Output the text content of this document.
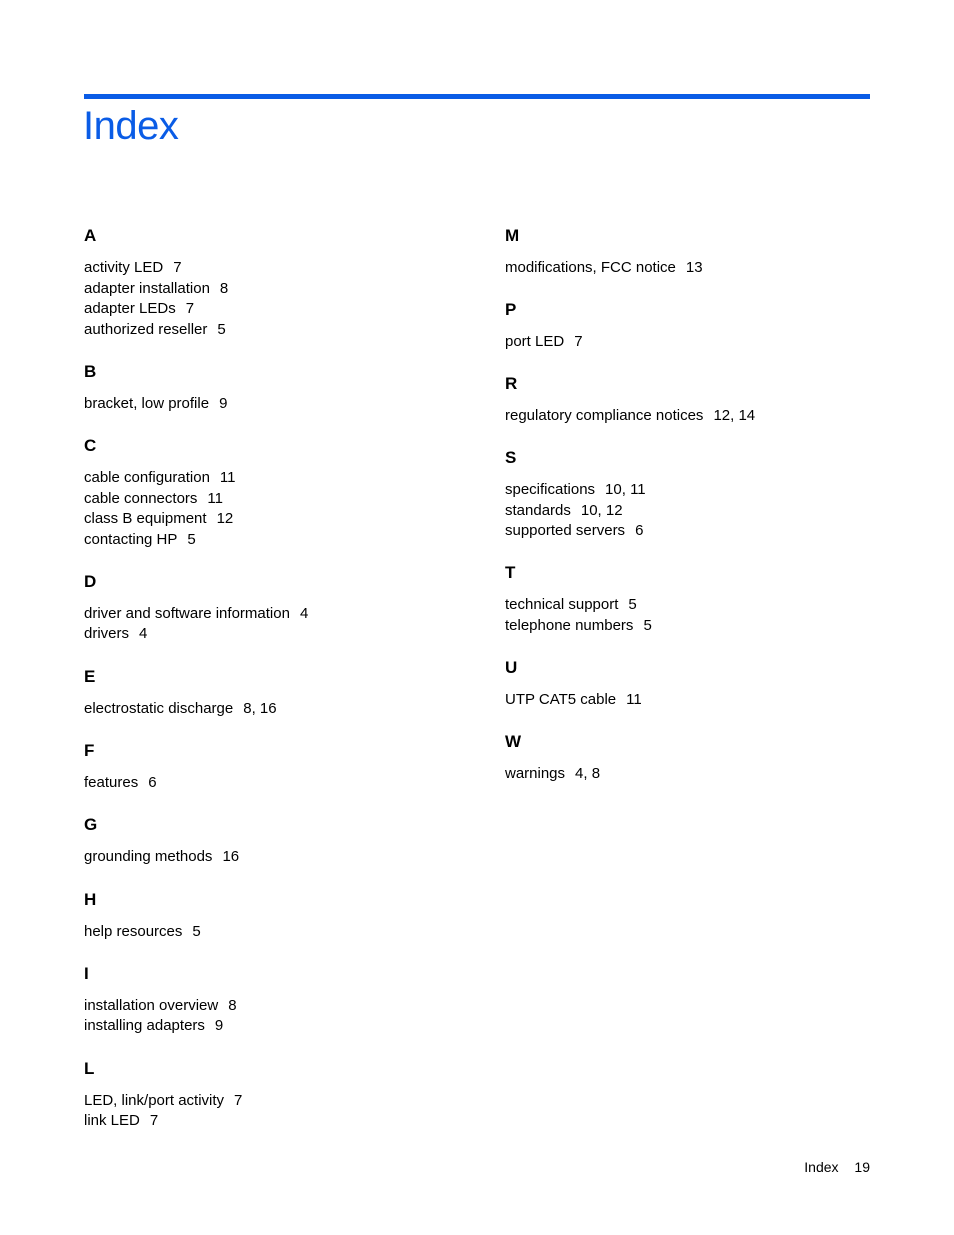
Index
A
activity LED 7
adapter installation 8
adapter LEDs 7
authorized reseller 5
B
bracket, low profile 9
C
cable configuration 11
cable connectors 11
class B equipment 12
contacting HP 5
D
driver and software information 4
drivers 4
E
electrostatic discharge 8, 16
F
features 6
G
grounding methods 16
H
help resources 5
I
installation overview 8
installing adapters 9
L
LED, link/port activity 7
link LED 7
M
modifications, FCC notice 13
P
port LED 7
R
regulatory compliance notices 12, 14
S
specifications 10, 11
standards 10, 12
supported servers 6
T
technical support 5
telephone numbers 5
U
UTP CAT5 cable 11
W
warnings 4, 8
Index 19
